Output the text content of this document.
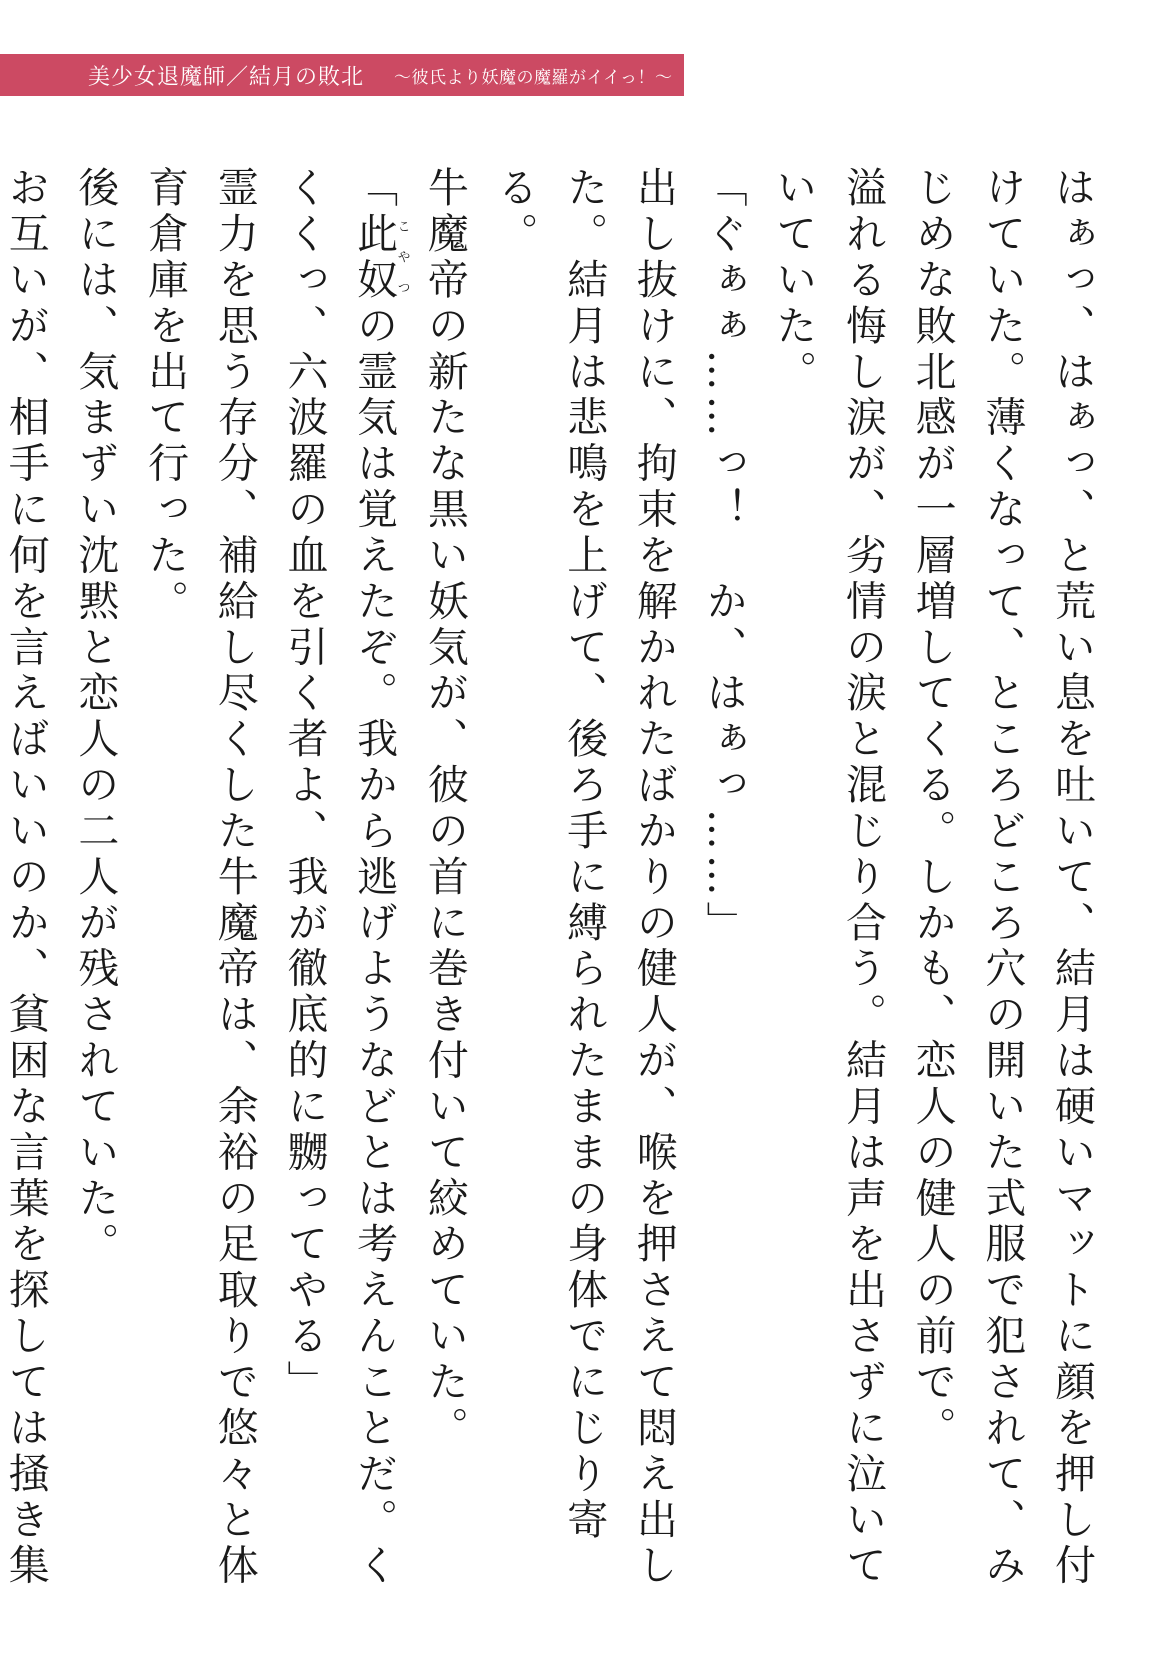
美少女退魔師／結月の敗北 〜彼氏より妖魔の魔羅がイイっ！〜

はぁっ、はぁっ、と荒い息を吐いて、結月は硬いマットに顔を押し付けていた。薄くなって、ところどころ穴の開いた式服で犯されて、みじめな敗北感が一層増してくる。しかも、恋人の健人の前で。

溢れる悔し涙が、劣情の涙と混じり合う。結月は声を出さずに泣いていていた。

「ぐぁぁ……っ！　か、はぁっ……」

出し抜けに、拘束を解かれたばかりの健人が、喉を押さえて悶え出した。結月は悲鳴を上げて、後ろ手に縛られたままの身体でにじり寄る。

牛魔帝の新たな黒い妖気が、彼の首に巻き付いて絞めていた。

「此奴こやつの霊気は覚えたぞ。我から逃げようなどとは考えんことだ。くくくっ、六波羅の血を引く者よ、我が徹底的に嬲ってやる」

霊力を思う存分、補給し尽くした牛魔帝は、余裕の足取りで悠々と体育倉庫を出て行った。

後には、気まずい沈黙と恋人の二人が残されていた。

お互いが、相手に何を言えばいいのか、貧困な言葉を探しては掻き集
